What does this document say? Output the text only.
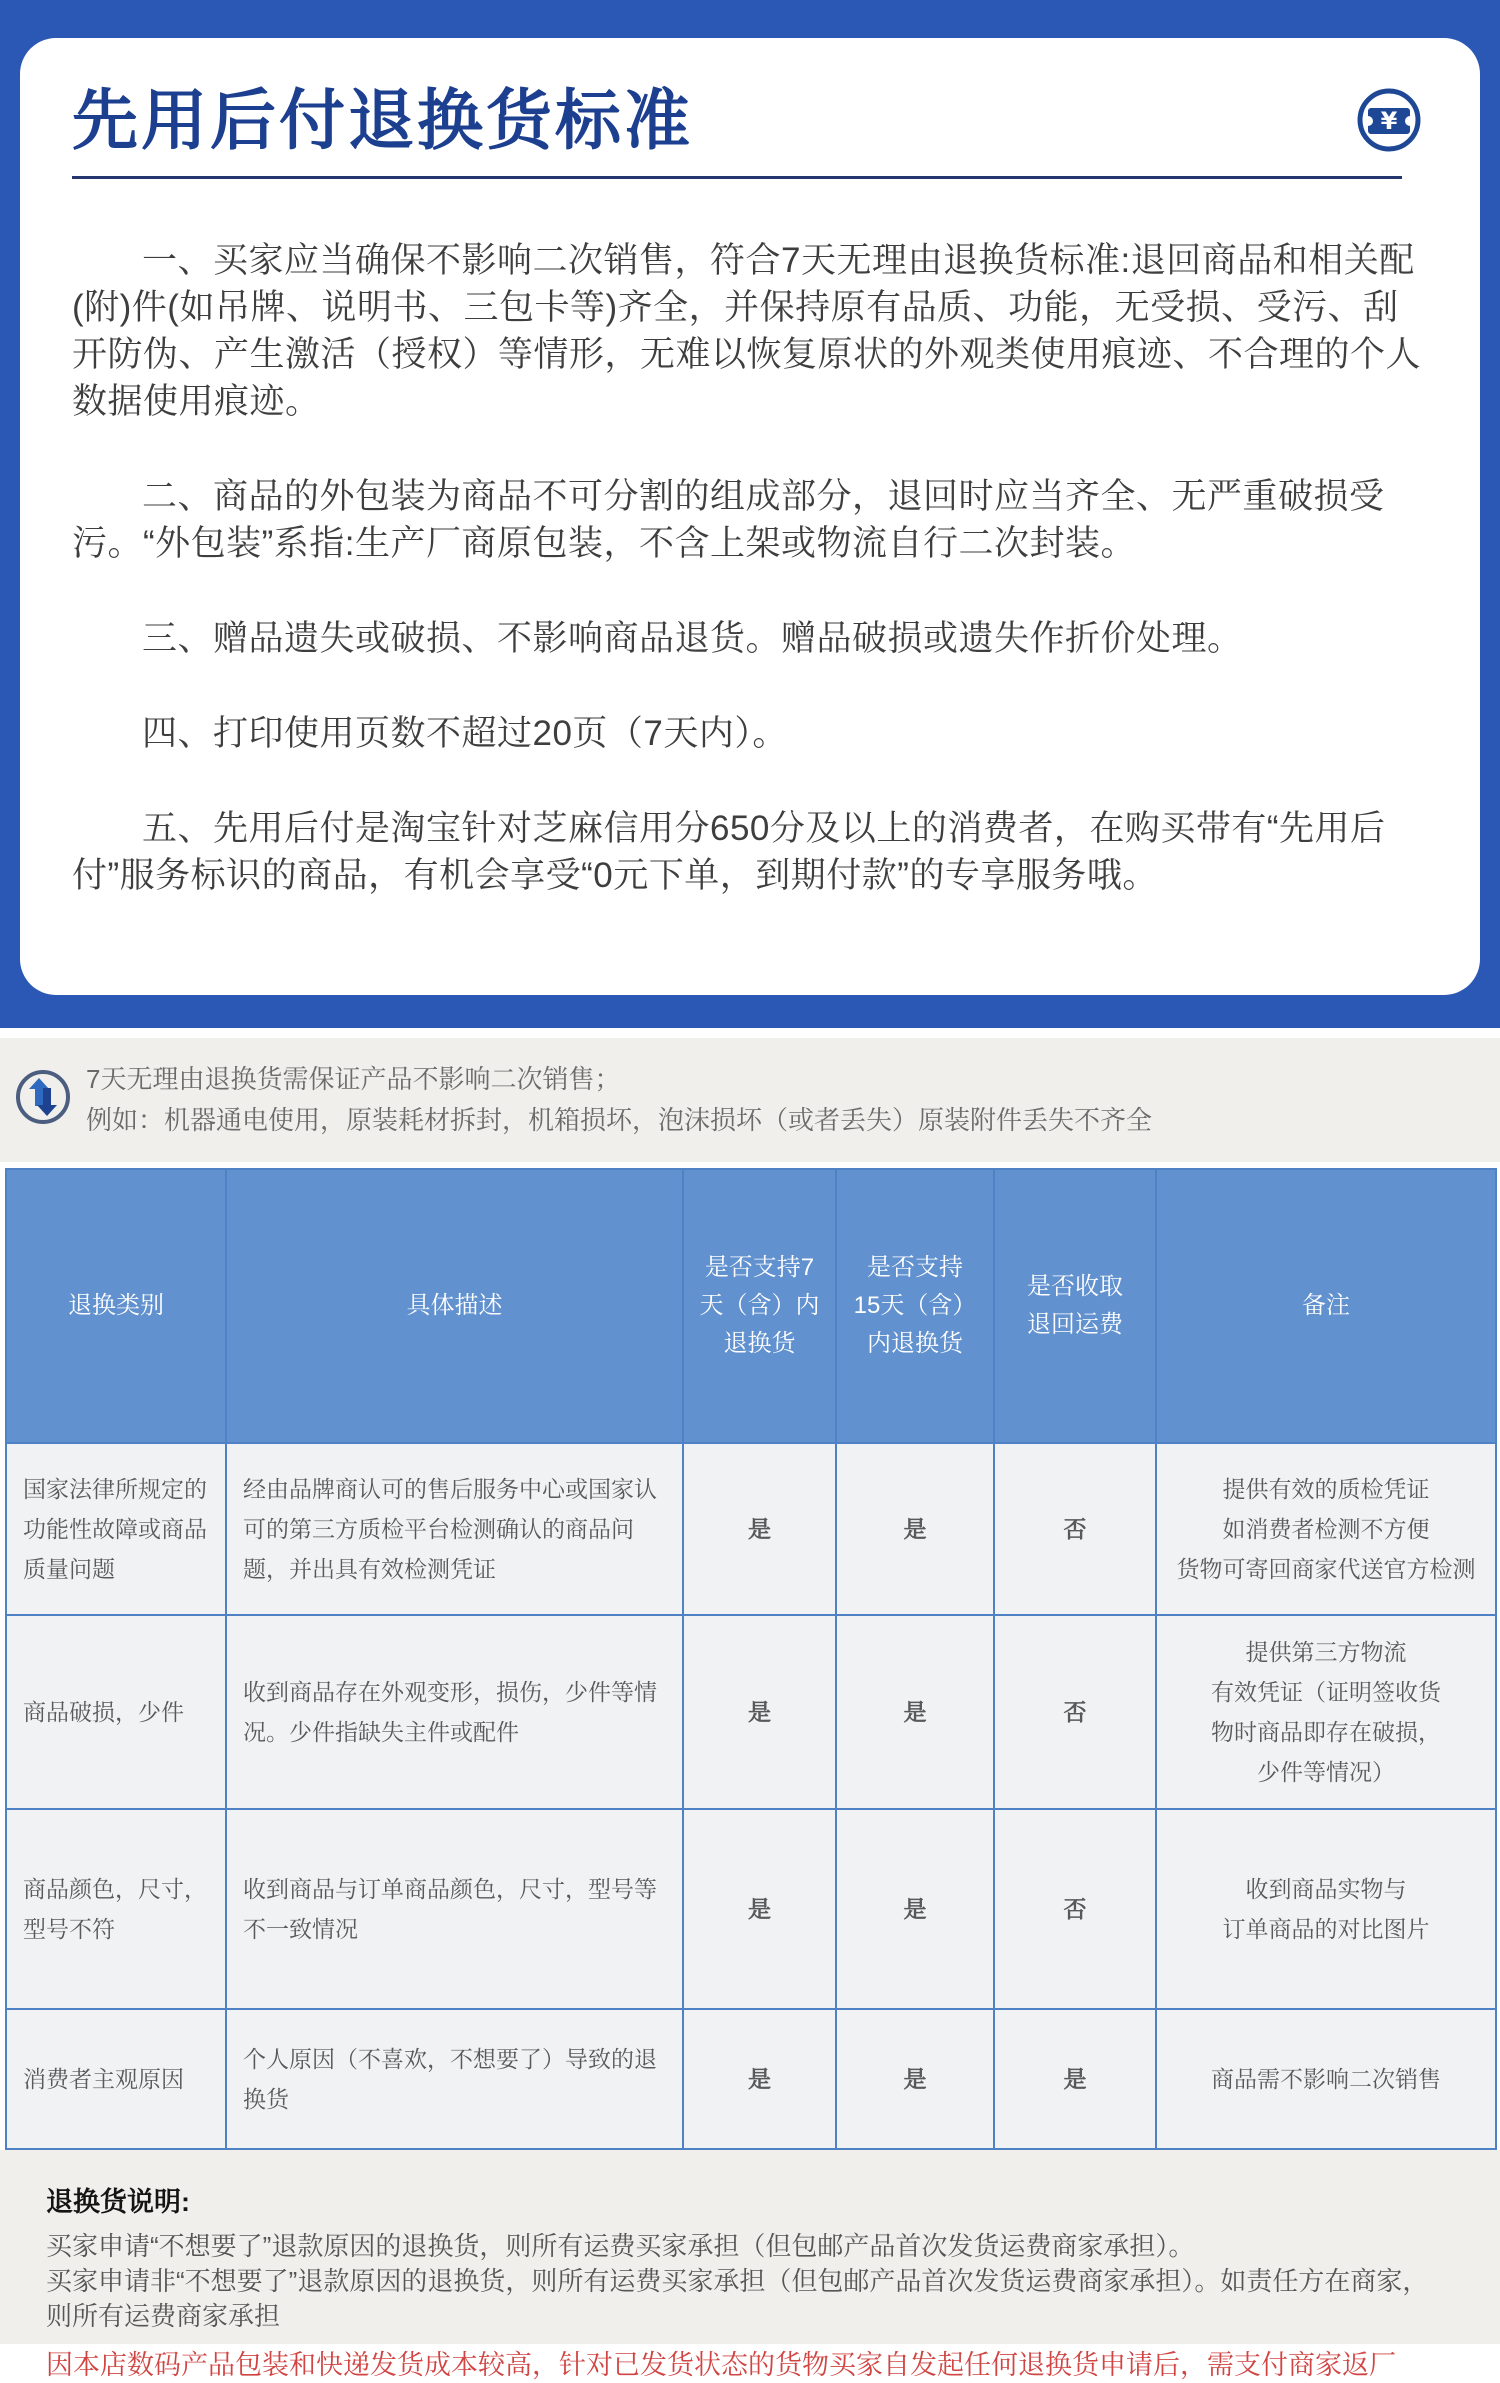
先用后付退换货标准	¥

一、买家应当确保不影响二次销售，符合7天无理由退换货标准:退回商品和相关配(附)件(如吊牌、说明书、三包卡等)齐全，并保持原有品质、功能，无受损、受污、刮开防伪、产生激活（授权）等情形，无难以恢复原状的外观类使用痕迹、不合理的个人数据使用痕迹。

二、商品的外包装为商品不可分割的组成部分，退回时应当齐全、无严重破损受污。“外包装”系指:生产厂商原包装，不含上架或物流自行二次封装。

三、赠品遗失或破损、不影响商品退货。赠品破损或遗失作折价处理。

四、打印使用页数不超过20页（7天内）。

五、先用后付是淘宝针对芝麻信用分650分及以上的消费者，在购买带有“先用后付”服务标识的商品，有机会享受“0元下单，到期付款”的专享服务哦。

7天无理由退换货需保证产品不影响二次销售；
例如：机器通电使用，原装耗材拆封，机箱损坏，泡沫损坏（或者丢失）原装附件丢失不齐全
退换类别	具体描述	是否支持7
天（含）内
退换货	是否支持
15天（含）
内退换货	是否收取
退回运费	备注
国家法律所规定的功能性故障或商品质量问题	经由品牌商认可的售后服务中心或国家认可的第三方质检平台检测确认的商品问题，并出具有效检测凭证	是	是	否	提供有效的质检凭证
如消费者检测不方便
货物可寄回商家代送官方检测
商品破损，少件	收到商品存在外观变形，损伤，少件等情况。少件指缺失主件或配件	是	是	否	提供第三方物流
有效凭证（证明签收货
物时商品即存在破损，
少件等情况）
商品颜色，尺寸，型号不符	收到商品与订单商品颜色，尺寸，型号等不一致情况	是	是	否	收到商品实物与
订单商品的对比图片
消费者主观原因	个人原因（不喜欢，不想要了）导致的退换货	是	是	是	商品需不影响二次销售

退换货说明:

买家申请“不想要了”退款原因的退换货，则所有运费买家承担（但包邮产品首次发货运费商家承担）。

买家申请非“不想要了”退款原因的退换货，则所有运费买家承担（但包邮产品首次发货运费商家承担）。如责任方在商家，则所有运费商家承担

因本店数码产品包装和快递发货成本较高，针对已发货状态的货物买家自发起任何退换货申请后，需支付商家返厂
